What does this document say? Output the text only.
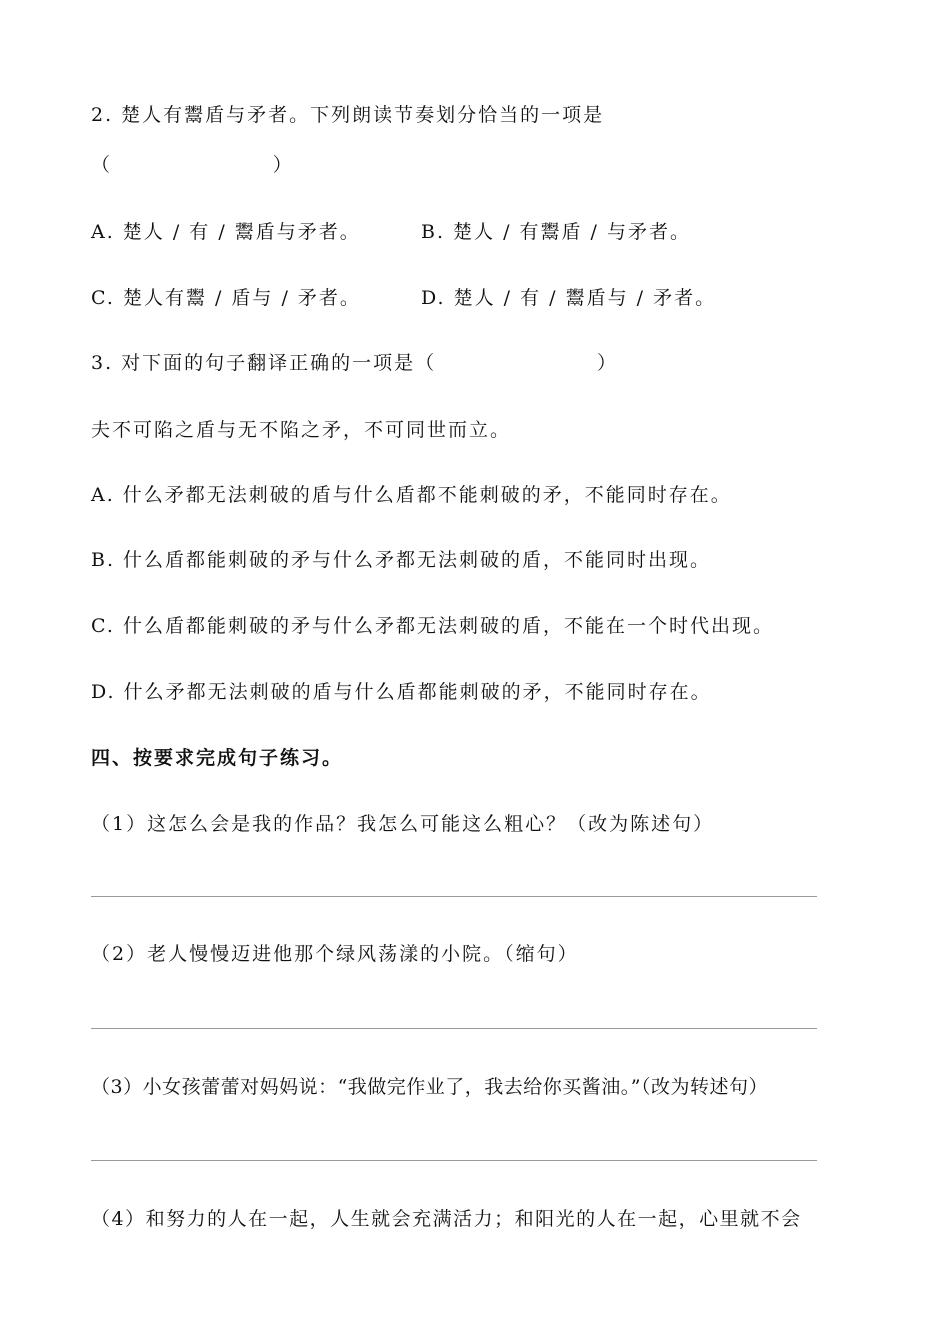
2. 楚人有鬻盾与矛者。下列朗读节奏划分恰当的一项是
（                    ）
A. 楚人 / 有 / 鬻盾与矛者。	B. 楚人 / 有鬻盾 / 与矛者。
C. 楚人有鬻 / 盾与 / 矛者。	D. 楚人 / 有 / 鬻盾与 / 矛者。
3. 对下面的句子翻译正确的一项是（                    ）
夫不可陷之盾与无不陷之矛，不可同世而立。
A. 什么矛都无法刺破的盾与什么盾都不能刺破的矛，不能同时存在。
B. 什么盾都能刺破的矛与什么矛都无法刺破的盾，不能同时出现。
C. 什么盾都能刺破的矛与什么矛都无法刺破的盾，不能在一个时代出现。
D. 什么矛都无法刺破的盾与什么盾都能刺破的矛，不能同时存在。
四、按要求完成句子练习。
（1）这怎么会是我的作品？我怎么可能这么粗心？（改为陈述句）
（2）老人慢慢迈进他那个绿风荡漾的小院。（缩句）
（3）小女孩蕾蕾对妈妈说：“我做完作业了，我去给你买酱油。”（改为转述句）
（4）和努力的人在一起，人生就会充满活力；和阳光的人在一起，心里就不会
